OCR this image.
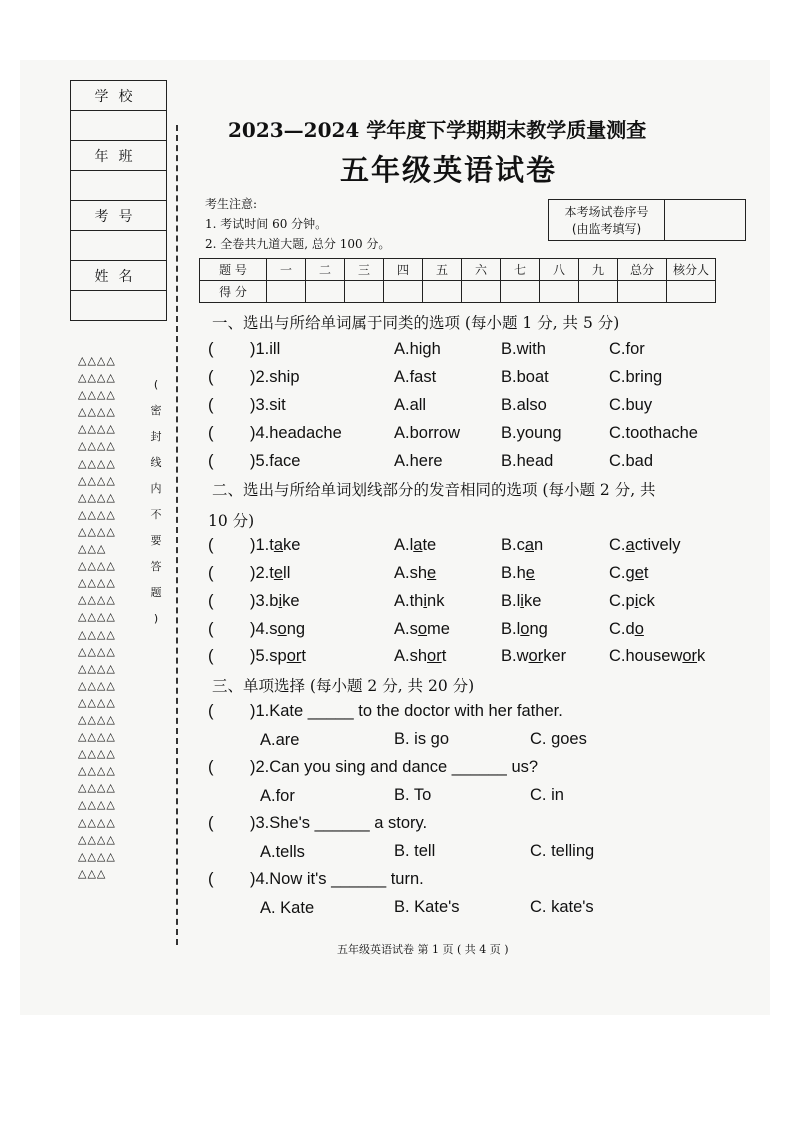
学校

年班

考号

姓名

△△△△
△△△△
△△△△
△△△△
△△△△
△△△△
△△△△
△△△△
△△△△
△△△△
△△△△
△△△
△△△△
△△△△
△△△△
△△△△
△△△△
△△△△
△△△△
△△△△
△△△△
△△△△
△△△△
△△△△
△△△△
△△△△
△△△△
△△△△
△△△△
△△△△
△△△
(
密
封
线
内
不
要
答
题
)
2023—2024 学年度下学期期末教学质量测查
五年级英语试卷
考生注意:
1. 考试时间 60 分钟。
2. 全卷共九道大题, 总分 100 分。
本考场试卷序号
(由监考填写)

题 号	一	二	三	四	五	六	七	八	九	总分	核分人
得 分											
一、选出与所给单词属于同类的选项 (每小题 1 分, 共 5 分)
( )1.ill	A.high	B.with	C.for
( )2.ship	A.fast	B.boat	C.bring
( )3.sit	A.all	B.also	C.buy
( )4.headache	A.borrow B.young	C.toothache
( )5.face	A.here	B.head	C.bad
二、选出与所给单词划线部分的发音相同的选项 (每小题 2 分, 共
10 分)
( )1.take	A.late	B.can	C.actively
( )2.tell	A.she	B.he	C.get
( )3.bike	A.think	B.like	C.pick
( )4.song	A.some	B.long	C.do
( )5.sport	A.short	B.worker	C.housework
三、单项选择 (每小题 2 分, 共 20 分)
( )1.Kate _____ to the doctor with her father.
A.are	B. is go	C. goes
( )2.Can you sing and dance ______ us?
A.for	B. To	C. in
( )3.She's ______ a story.
A.tells	B. tell	C. telling
( )4.Now it's ______ turn.
A. Kate	B. Kate's	C. kate's
五年级英语试卷 第 1 页 ( 共 4 页 )
